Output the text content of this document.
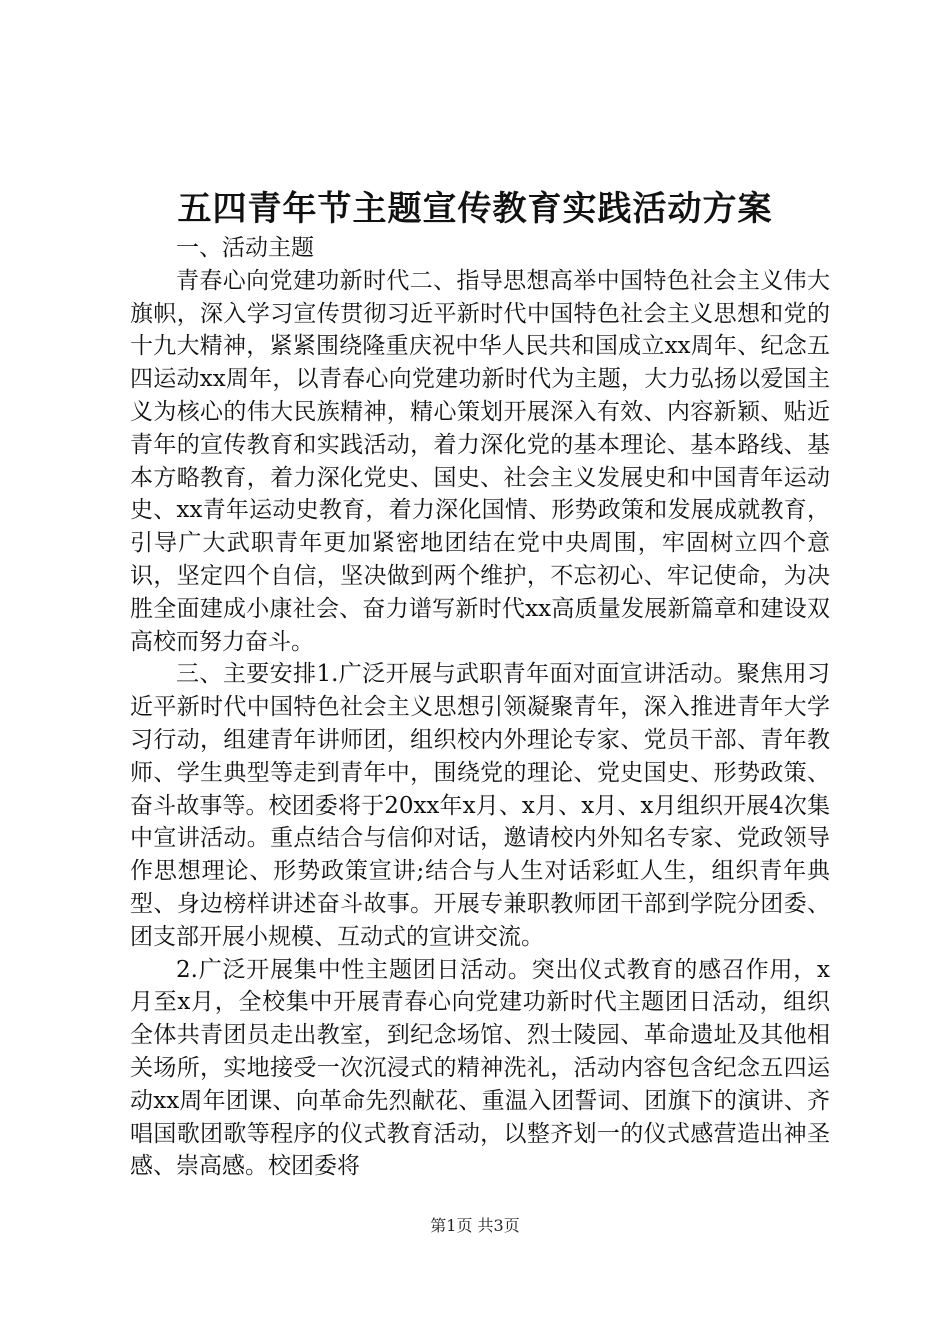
五四青年节主题宣传教育实践活动方案

一、活动主题

青春心向党建功新时代二、指导思想高举中国特色社会主义伟大旗帜，深入学习宣传贯彻习近平新时代中国特色社会主义思想和党的十九大精神，紧紧围绕隆重庆祝中华人民共和国成立xx周年、纪念五四运动xx周年，以青春心向党建功新时代为主题，大力弘扬以爱国主义为核心的伟大民族精神，精心策划开展深入有效、内容新颖、贴近青年的宣传教育和实践活动，着力深化党的基本理论、基本路线、基本方略教育，着力深化党史、国史、社会主义发展史和中国青年运动史、xx青年运动史教育，着力深化国情、形势政策和发展成就教育，引导广大武职青年更加紧密地团结在党中央周围，牢固树立四个意识，坚定四个自信，坚决做到两个维护，不忘初心、牢记使命，为决胜全面建成小康社会、奋力谱写新时代xx高质量发展新篇章和建设双高校而努力奋斗。

三、主要安排1.广泛开展与武职青年面对面宣讲活动。聚焦用习近平新时代中国特色社会主义思想引领凝聚青年，深入推进青年大学习行动，组建青年讲师团，组织校内外理论专家、党员干部、青年教师、学生典型等走到青年中，围绕党的理论、党史国史、形势政策、奋斗故事等。校团委将于20xx年x月、x月、x月、x月组织开展4次集中宣讲活动。重点结合与信仰对话，邀请校内外知名专家、党政领导作思想理论、形势政策宣讲;结合与人生对话彩虹人生，组织青年典型、身边榜样讲述奋斗故事。开展专兼职教师团干部到学院分团委、团支部开展小规模、互动式的宣讲交流。

2.广泛开展集中性主题团日活动。突出仪式教育的感召作用，x月至x月，全校集中开展青春心向党建功新时代主题团日活动，组织全体共青团员走出教室，到纪念场馆、烈士陵园、革命遗址及其他相关场所，实地接受一次沉浸式的精神洗礼，活动内容包含纪念五四运动xx周年团课、向革命先烈献花、重温入团誓词、团旗下的演讲、齐唱国歌团歌等程序的仪式教育活动，以整齐划一的仪式感营造出神圣感、崇高感。校团委将

第1页 共3页
